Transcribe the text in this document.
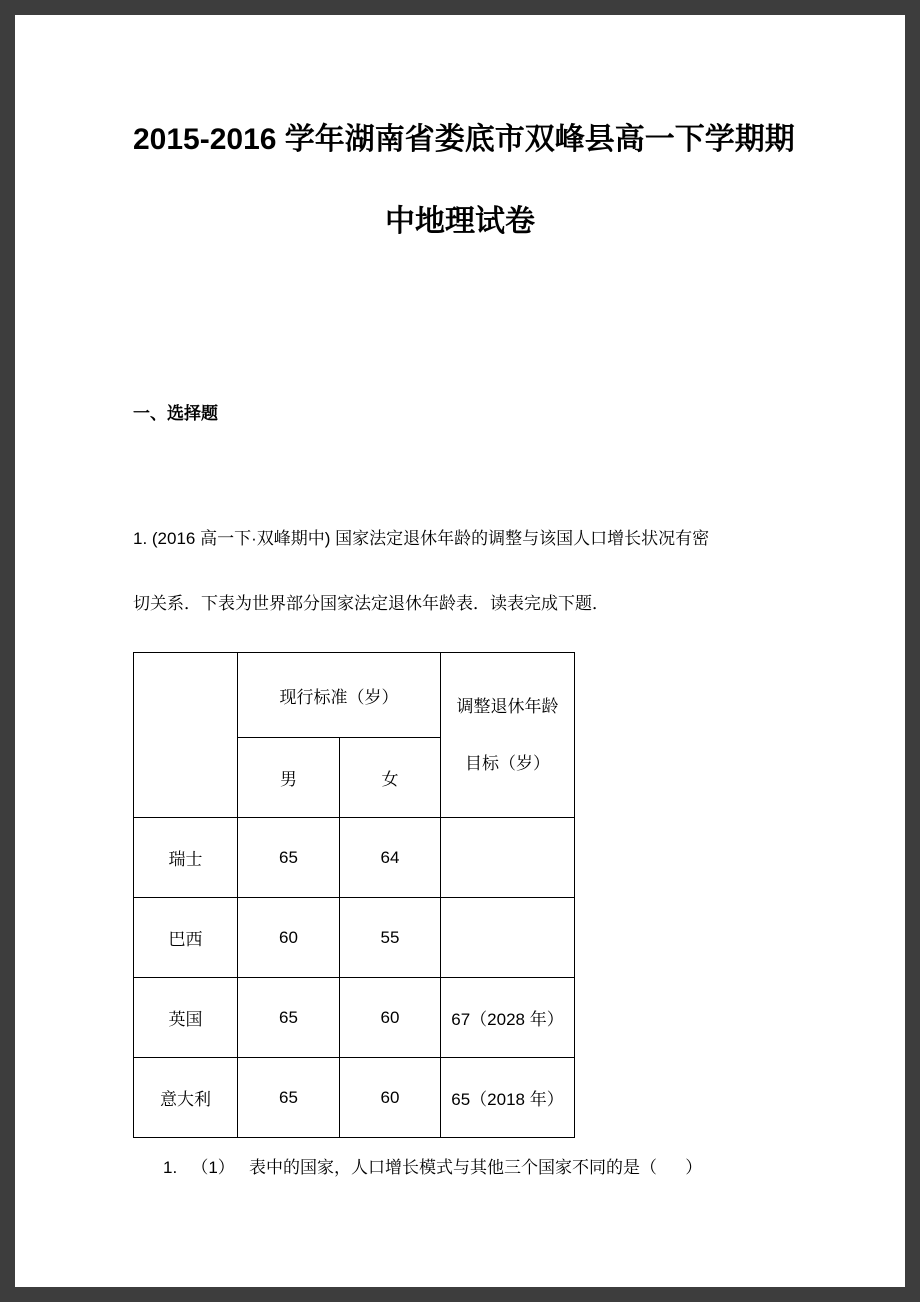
2015-2016 学年湖南省娄底市双峰县高一下学期期
中地理试卷
一、选择题

1. (2016 高一下·双峰期中) 国家法定退休年龄的调整与该国人口增长状况有密
切关系．下表为世界部分国家法定退休年龄表．读表完成下题．

	现行标准（岁）		调整退休年龄
目标（岁）

	男	女	
瑞士	65	64	
巴西	60	55	
英国	65	60	67（2028 年）
意大利	65	60	65（2018 年）

1.   （1）   表中的国家，人口增长模式与其他三个国家不同的是（      ）
